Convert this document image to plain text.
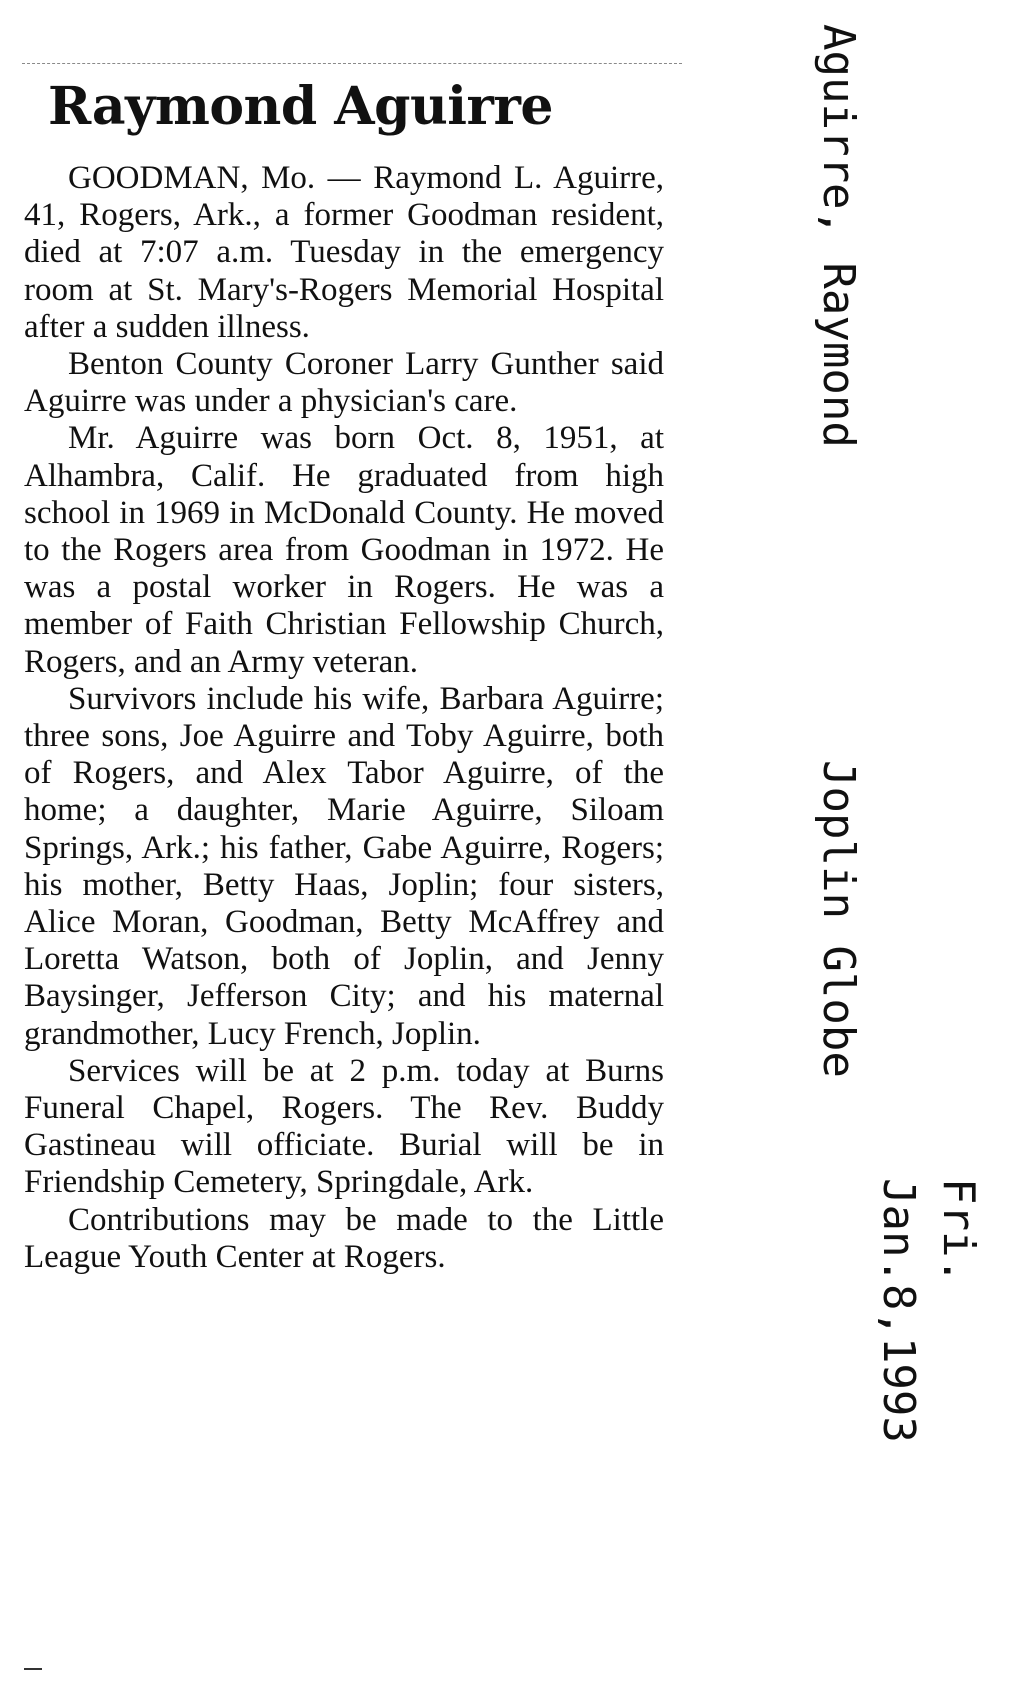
Raymond Aguirre

GOODMAN, Mo. — Raymond L. Aguirre, 41, Rogers, Ark., a former Goodman resident, died at 7:07 a.m. Tuesday in the emergency room at St. Mary's-Rogers Memorial Hospital after a sudden illness.

Benton County Coroner Larry Gunther said Aguirre was under a physician's care.

Mr. Aguirre was born Oct. 8, 1951, at Alhambra, Calif. He graduated from high school in 1969 in McDonald County. He moved to the Rogers area from Goodman in 1972. He was a postal worker in Rogers. He was a member of Faith Christian Fellowship Church, Rogers, and an Army veteran.

Survivors include his wife, Barbara Aguirre; three sons, Joe Aguirre and Toby Aguirre, both of Rogers, and Alex Tabor Aguirre, of the home; a daughter, Marie Aguirre, Siloam Springs, Ark.; his father, Gabe Aguirre, Rogers; his mother, Betty Haas, Joplin; four sisters, Alice Moran, Goodman, Betty McAffrey and Loretta Watson, both of Joplin, and Jenny Baysinger, Jefferson City; and his maternal grandmother, Lucy French, Joplin.

Services will be at 2 p.m. today at Burns Funeral Chapel, Rogers. The Rev. Buddy Gastineau will officiate. Burial will be in Friendship Cemetery, Springdale, Ark.

Contributions may be made to the Little League Youth Center at Rogers.

Aguirre, Raymond
Joplin Globe
Jan.8,1993 Fri.
